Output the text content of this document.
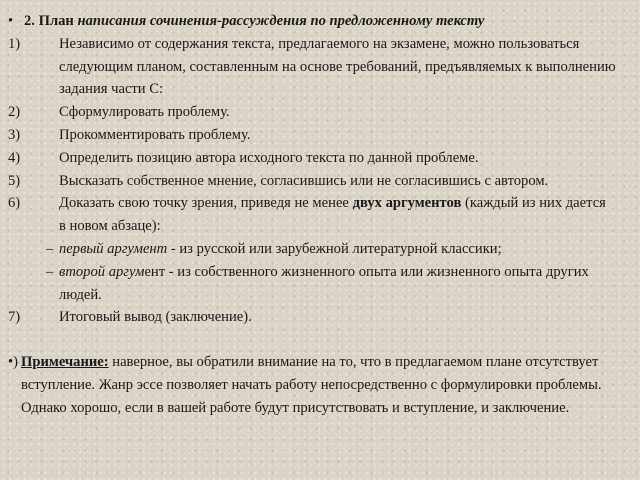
• 2. План написания сочинения-рассуждения по предложенному тексту
1)	Независимо от содержания текста, предлагаемого на экзамене, можно пользоваться следующим планом, составленным на основе требований, предъявляемых к выполнению задания части С:
2)	Сформулировать проблему.
3)	Прокомментировать проблему.
4)	Определить позицию автора исходного текста по данной проблеме.
5)	Высказать собственное мнение, согласившись или не согласившись с автором.
6)	Доказать свою точку зрения, приведя не менее двух аргументов (каждый из них дается в новом абзаце):
– первый аргумент - из русской или зарубежной литературной классики;
– второй аргумент - из собственного жизненного опыта или жизненного опыта других людей.
7)	Итоговый вывод (заключение).
•) Примечание: наверное, вы обратили внимание на то, что в предлагаемом плане отсутствует вступление. Жанр эссе позволяет начать работу непосредственно с формулировки проблемы. Однако хорошо, если в вашей работе будут присутствовать и вступление, и заключение.
